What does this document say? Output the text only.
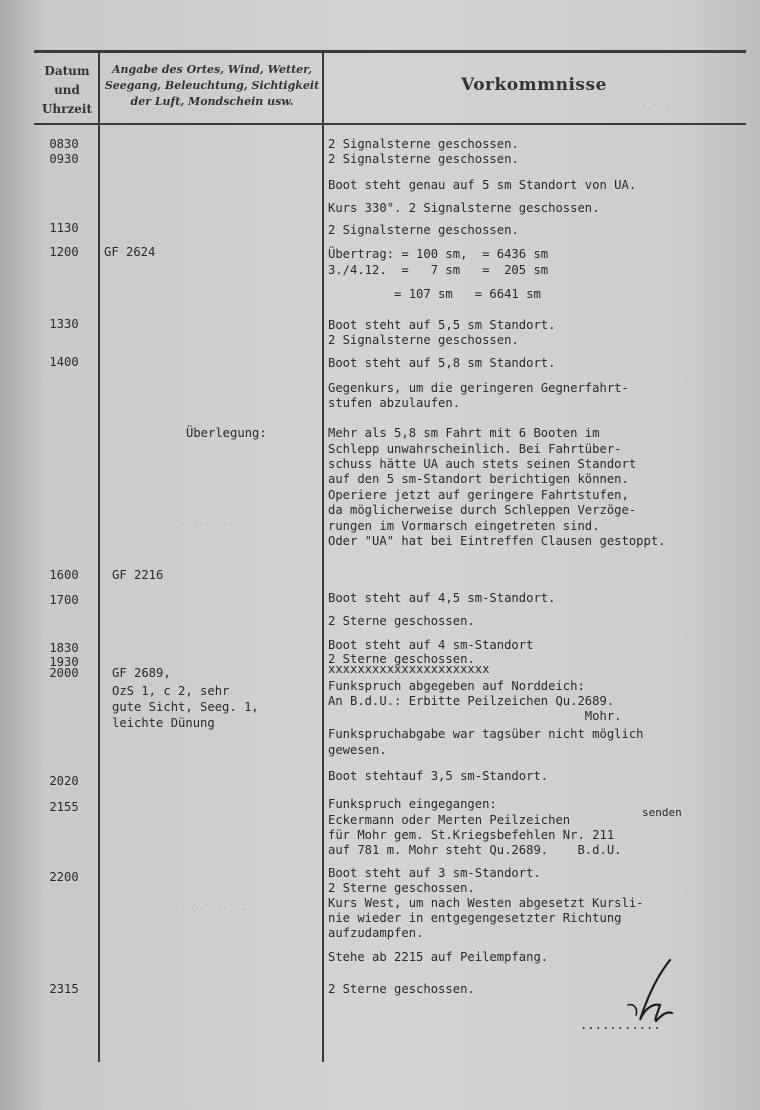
Datum und Uhrzeit
Angabe des Ortes, Wind, Wetter, Seegang, Beleuchtung, Sichtigkeit der Luft, Mondschein usw.
Vorkommnisse
· · ·
· · · · ·
· · · · · ·
0830
0930
1130
1200
1330
1400
1600
1700
1830
1930
2000
2020
2155
2200
2315
GF 2624
Überlegung:
GF 2216
GF 2689,
OzS 1, c 2, sehr
gute Sicht, Seeg. 1,
leichte Dünung
2 Signalsterne geschossen.
2 Signalsterne geschossen.
Boot steht genau auf 5 sm Standort von UA.
Kurs 330°. 2 Signalsterne geschossen.
2 Signalsterne geschossen.
Übertrag: = 100 sm,  = 6436 sm
3./4.12.  =   7 sm   =  205 sm
= 107 sm   = 6641 sm
Boot steht auf 5,5 sm Standort.
2 Signalsterne geschossen.
Boot steht auf 5,8 sm Standort.
Gegenkurs, um die geringeren Gegnerfahrt-
stufen abzulaufen.
Mehr als 5,8 sm Fahrt mit 6 Booten im
Schlepp unwahrscheinlich. Bei Fahrtüber-
schuss hätte UA auch stets seinen Standort
auf den 5 sm-Standort berichtigen können.
Operiere jetzt auf geringere Fahrtstufen,
da möglicherweise durch Schleppen Verzöge-
rungen im Vormarsch eingetreten sind.
Oder "UA" hat bei Eintreffen Clausen gestoppt.
Boot steht auf 4,5 sm-Standort.
2 Sterne geschossen.
Boot steht auf 4 sm-Standort
2 Sterne geschossen.
xxxxxxxxxxxxxxxxxxxxxx
Funkspruch abgegeben auf Norddeich:
An B.d.U.: Erbitte Peilzeichen Qu.2689.
Mohr.
Funkspruchabgabe war tagsüber nicht möglich
gewesen.
Boot stehtauf 3,5 sm-Standort.
Funkspruch eingegangen:
Eckermann oder Merten Peilzeichen
für Mohr gem. St.Kriegsbefehlen Nr. 211
auf 781 m. Mohr steht Qu.2689.    B.d.U.
Boot steht auf 3 sm-Standort.
2 Sterne geschossen.
Kurs West, um nach Westen abgesetzt Kursli-
nie wieder in entgegengesetzter Richtung
aufzudampfen.
Stehe ab 2215 auf Peilempfang.
2 Sterne geschossen.
senden
...........
